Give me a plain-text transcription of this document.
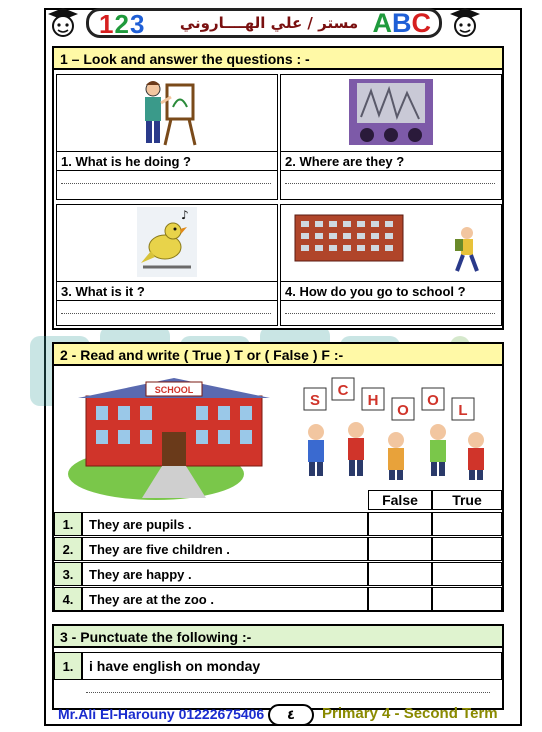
123 مستر / علي الهــــاروني ABC
1 – Look and answer the questions : -
1. What is he doing ?	2. Where are they ?
♪
3. What is it ?	4. How do you go to school ?
2 - Read and write ( True ) T or ( False ) F :-
SCHOOL
S
C
H
O
O
L
False	True
1.	They are pupils .
2.	They are five children .
3.	They are happy .
4.	They are at the zoo .
3 - Punctuate the following :-
1.	i have english on monday
Mr.Ali El-Harouny 01222675406	٤	Primary 4 - Second Term
